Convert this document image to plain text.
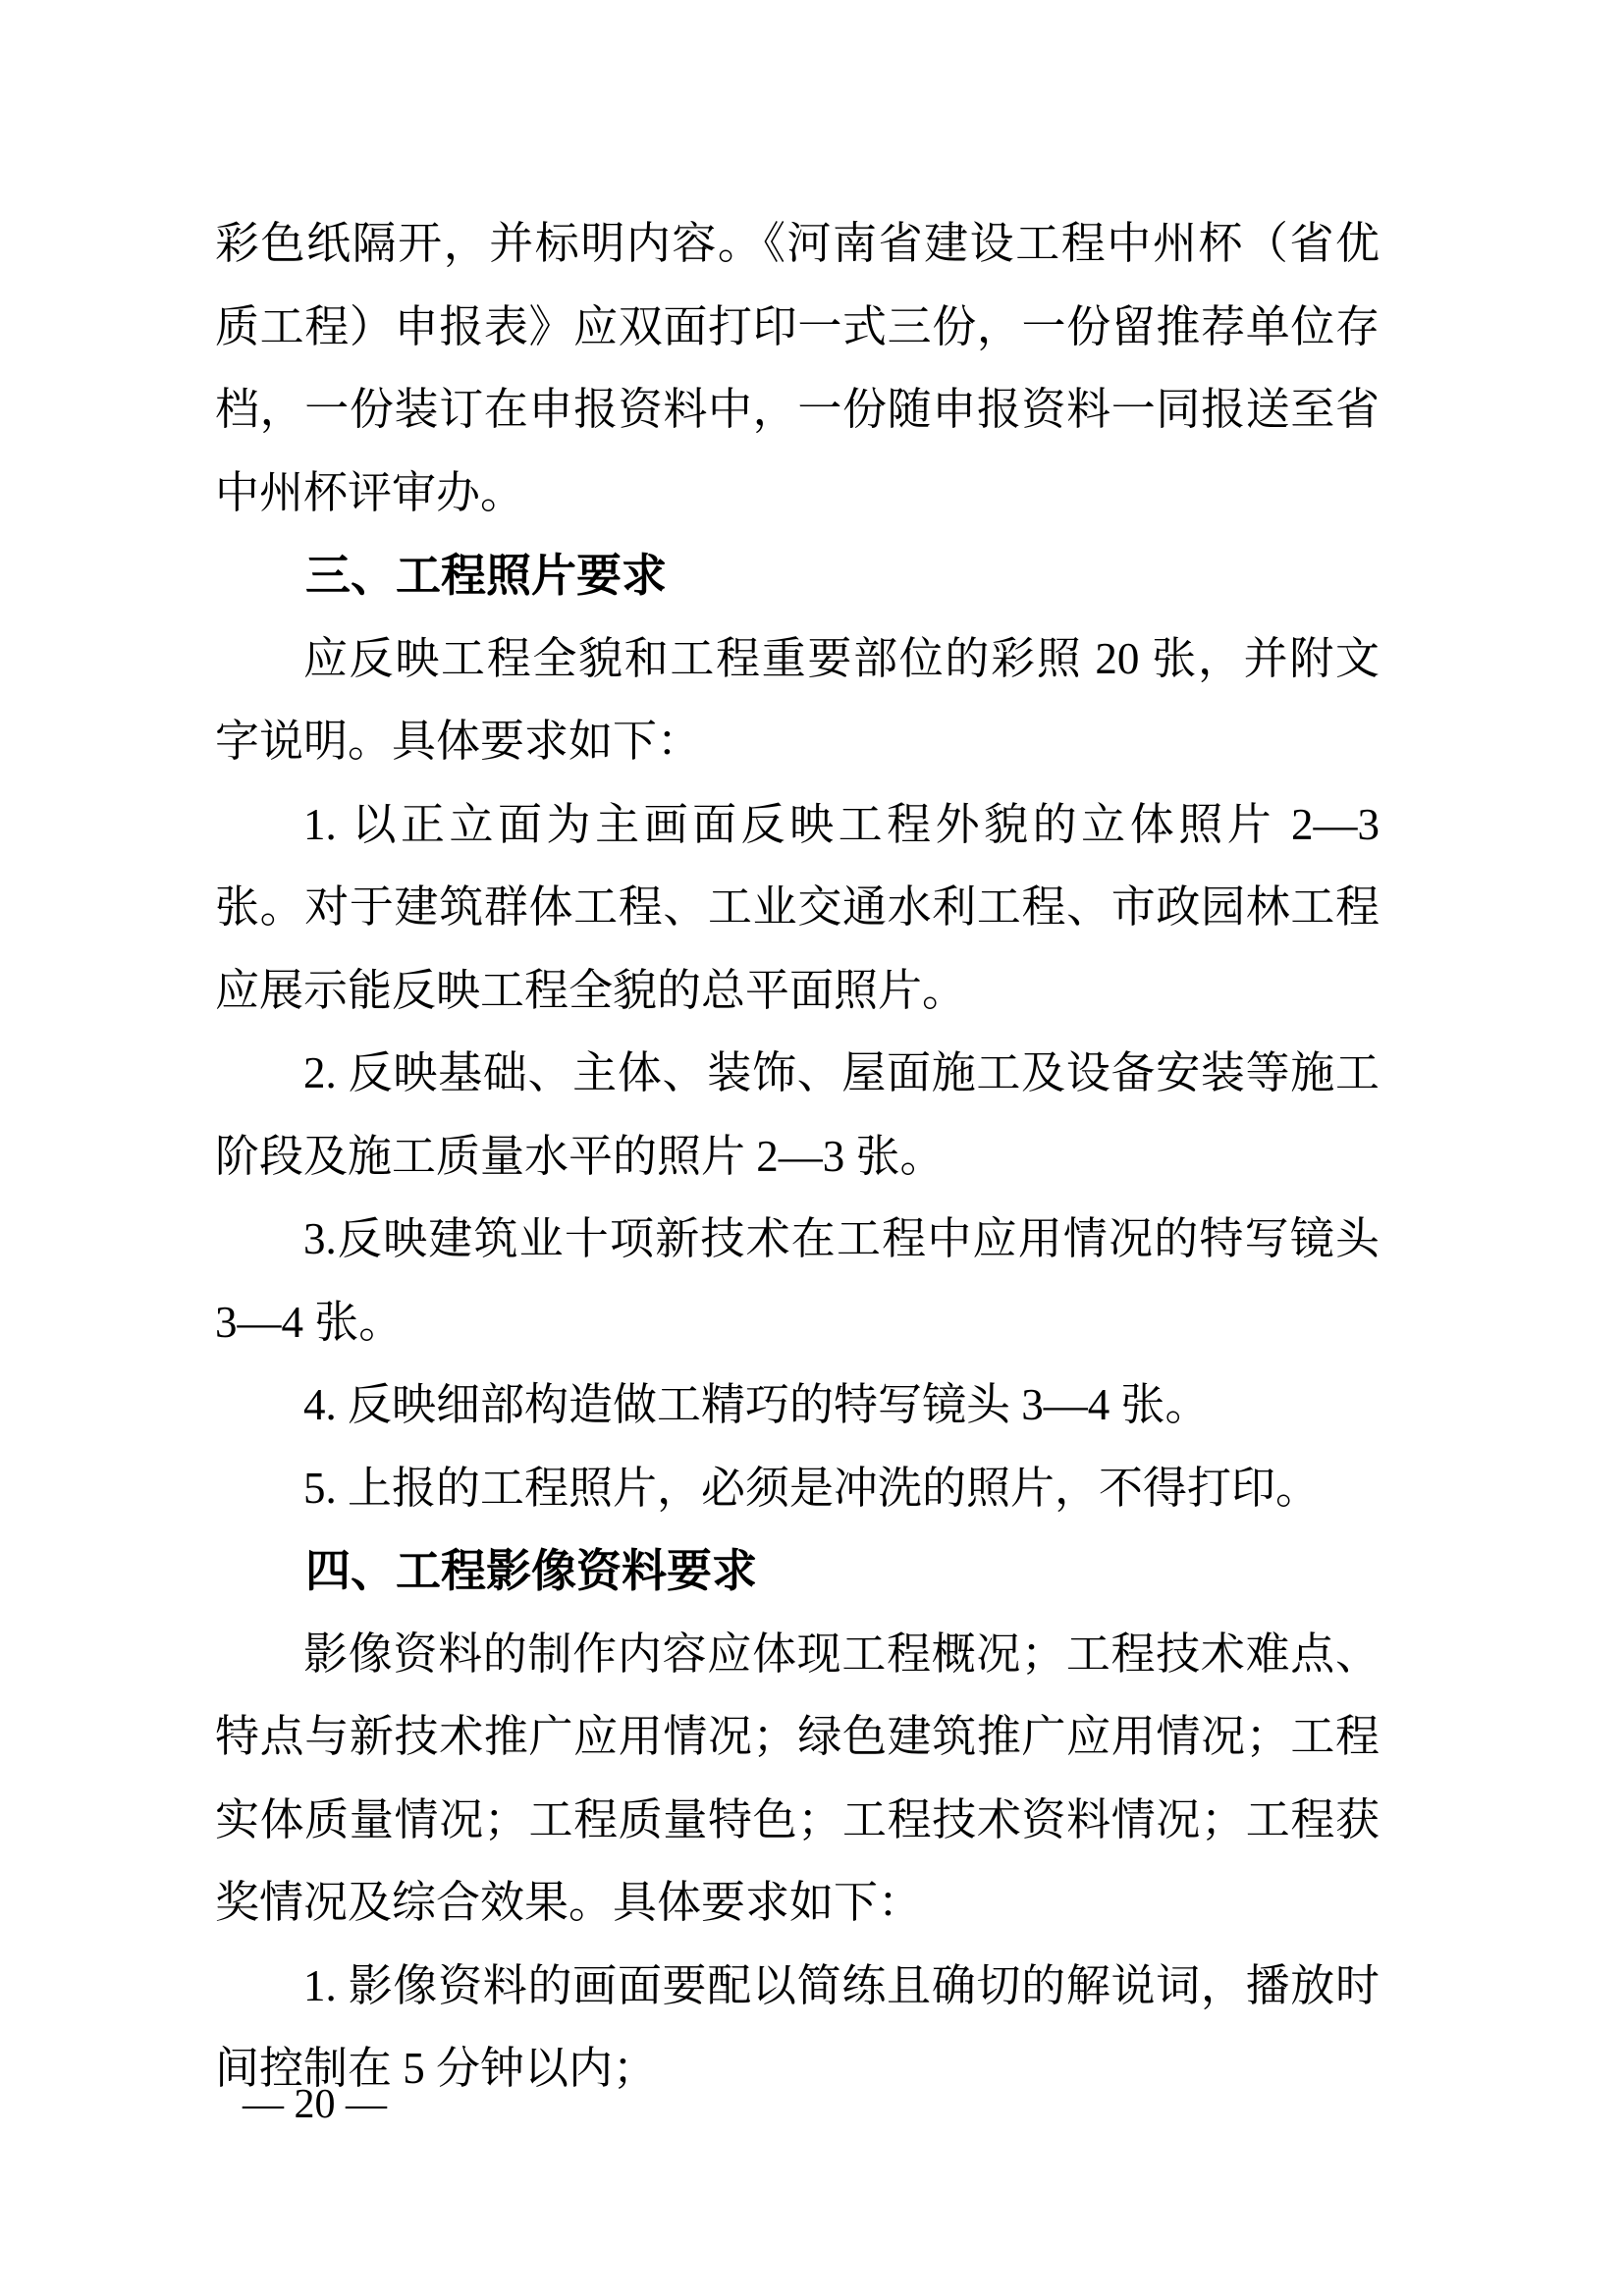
彩色纸隔开，并标明内容。《河南省建设工程中州杯（省优质工程）申报表》应双面打印一式三份，一份留推荐单位存档，一份装订在申报资料中，一份随申报资料一同报送至省中州杯评审办。

三、工程照片要求

应反映工程全貌和工程重要部位的彩照 20 张，并附文字说明。具体要求如下：

1. 以正立面为主画面反映工程外貌的立体照片 2—3 张。对于建筑群体工程、工业交通水利工程、市政园林工程应展示能反映工程全貌的总平面照片。

2. 反映基础、主体、装饰、屋面施工及设备安装等施工阶段及施工质量水平的照片 2—3 张。

3.反映建筑业十项新技术在工程中应用情况的特写镜头 3—4 张。

4. 反映细部构造做工精巧的特写镜头 3—4 张。

5. 上报的工程照片，必须是冲洗的照片，不得打印。

四、工程影像资料要求

影像资料的制作内容应体现工程概况；工程技术难点、特点与新技术推广应用情况；绿色建筑推广应用情况；工程实体质量情况；工程质量特色；工程技术资料情况；工程获奖情况及综合效果。具体要求如下：

1. 影像资料的画面要配以简练且确切的解说词，播放时间控制在 5 分钟以内；

— 20 —
